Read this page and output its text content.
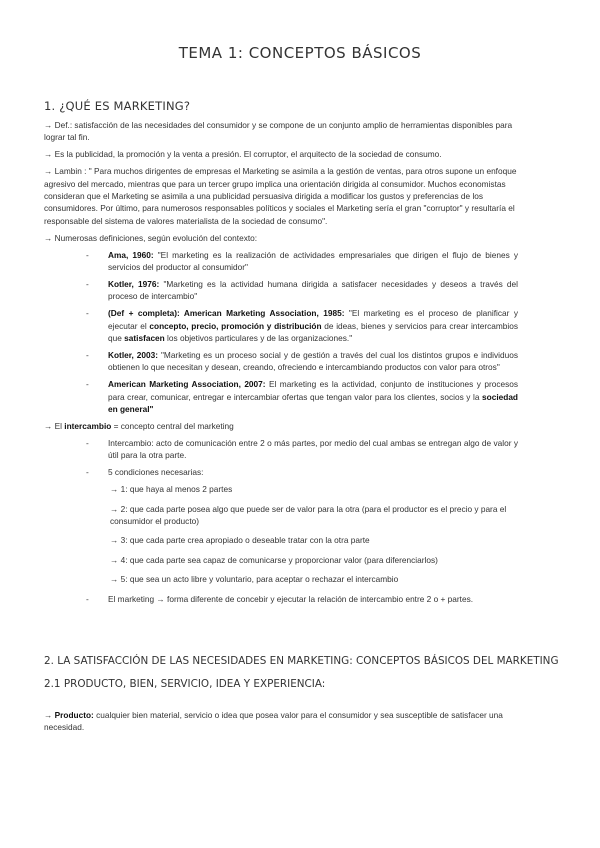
TEMA 1: CONCEPTOS BÁSICOS
1. ¿QUÉ ES MARKETING?

→ Def.: satisfacción de las necesidades del consumidor y se compone de un conjunto amplio de herramientas disponibles para lograr tal fin.

→ Es la publicidad, la promoción y la venta a presión. El corruptor, el arquitecto de la sociedad de consumo.

→ Lambin : " Para muchos dirigentes de empresas el Marketing se asimila a la gestión de ventas, para otros supone un enfoque agresivo del mercado, mientras que para un tercer grupo implica una orientación dirigida al consumidor. Muchos economistas consideran que el Marketing se asimila a una publicidad persuasiva dirigida a modificar los gustos y preferencias de los consumidores. Por último, para numerosos responsables políticos y sociales el Marketing sería el gran "corruptor" y resultaría el responsable del sistema de valores materialista de la sociedad de consumo".

→ Numerosas definiciones, según evolución del contexto:

-	Ama, 1960: "El marketing es la realización de actividades empresariales que dirigen el flujo de bienes y servicios del productor al consumidor"
-	Kotler, 1976: "Marketing es la actividad humana dirigida a satisfacer necesidades y deseos a través del proceso de intercambio"
-	(Def + completa): American Marketing Association, 1985: "El marketing es el proceso de planificar y ejecutar el concepto, precio, promoción y distribución de ideas, bienes y servicios para crear intercambios que satisfacen los objetivos particulares y de las organizaciones."
-	Kotler, 2003: "Marketing es un proceso social y de gestión a través del cual los distintos grupos e individuos obtienen lo que necesitan y desean, creando, ofreciendo e intercambiando productos con valor para otros"
-	American Marketing Association, 2007: El marketing es la actividad, conjunto de instituciones y procesos para crear, comunicar, entregar e intercambiar ofertas que tengan valor para los clientes, socios y la sociedad en general"

→ El intercambio = concepto central del marketing

-	Intercambio: acto de comunicación entre 2 o más partes, por medio del cual ambas se entregan algo de valor y útil para la otra parte.
-	5 condiciones necesarias:
→ 1: que haya al menos 2 partes
→ 2: que cada parte posea algo que puede ser de valor para la otra (para el productor es el precio y para el consumidor el producto)
→ 3: que cada parte crea apropiado o deseable tratar con la otra parte
→ 4: que cada parte sea capaz de comunicarse y proporcionar valor (para diferenciarlos)
→ 5: que sea un acto libre y voluntario, para aceptar o rechazar el intercambio
-	El marketing → forma diferente de concebir y ejecutar la relación de intercambio entre 2 o + partes.
2. LA SATISFACCIÓN DE LAS NECESIDADES EN MARKETING: CONCEPTOS BÁSICOS DEL MARKETING
2.1 PRODUCTO, BIEN, SERVICIO, IDEA Y EXPERIENCIA:

→ Producto: cualquier bien material, servicio o idea que posea valor para el consumidor y sea susceptible de satisfacer una necesidad.
